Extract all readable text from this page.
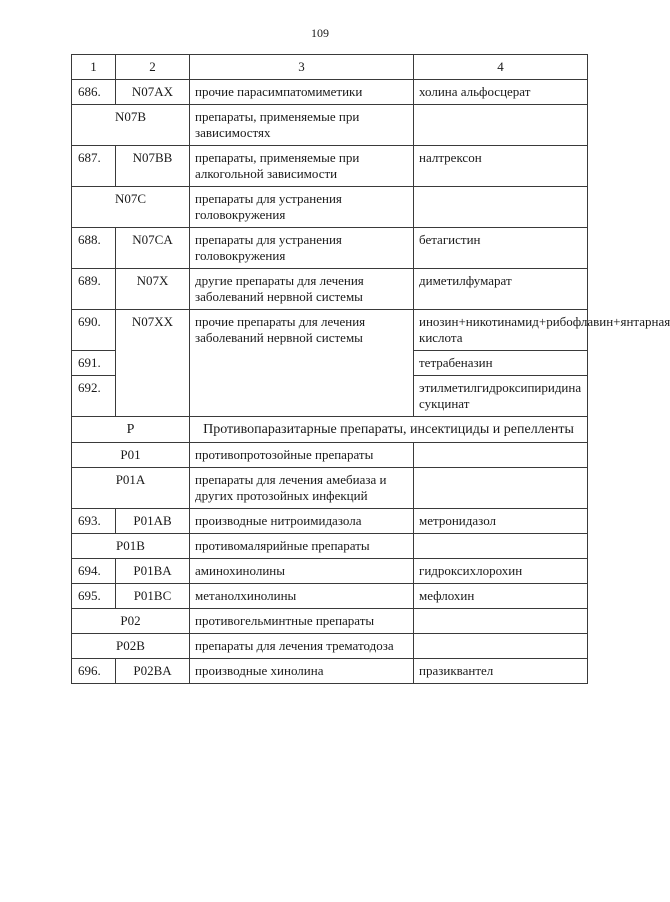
109
1	2	3	4
686.	N07AX	прочие парасимпатомиметики	холина альфосцерат
N07B		препараты, применяемые при зависимостях	
687.	N07BB	препараты, применяемые при алкогольной зависимости	налтрексон
N07C		препараты для устранения головокружения	
688.	N07CA	препараты для устранения головокружения	бетагистин
689.	N07X	другие препараты для лечения заболеваний нервной системы	диметилфумарат
690.	N07XX	прочие препараты для лечения заболеваний нервной системы	инозин+никотинамид+рибофлавин+янтарная кислота
691.			тетрабеназин
692.			этилметилгидроксипиридина сукцинат
P		Противопаразитарные препараты, инсектициды и репелленты	
P01		противопротозойные препараты	
P01A		препараты для лечения амебиаза и других протозойных инфекций	
693.	P01AB	производные нитроимидазола	метронидазол
P01B		противомалярийные препараты	
694.	P01BA	аминохинолины	гидроксихлорохин
695.	P01BC	метанолхинолины	мефлохин
P02		противогельминтные препараты	
P02B		препараты для лечения трематодоза	
696.	P02BA	производные хинолина	празиквантел
